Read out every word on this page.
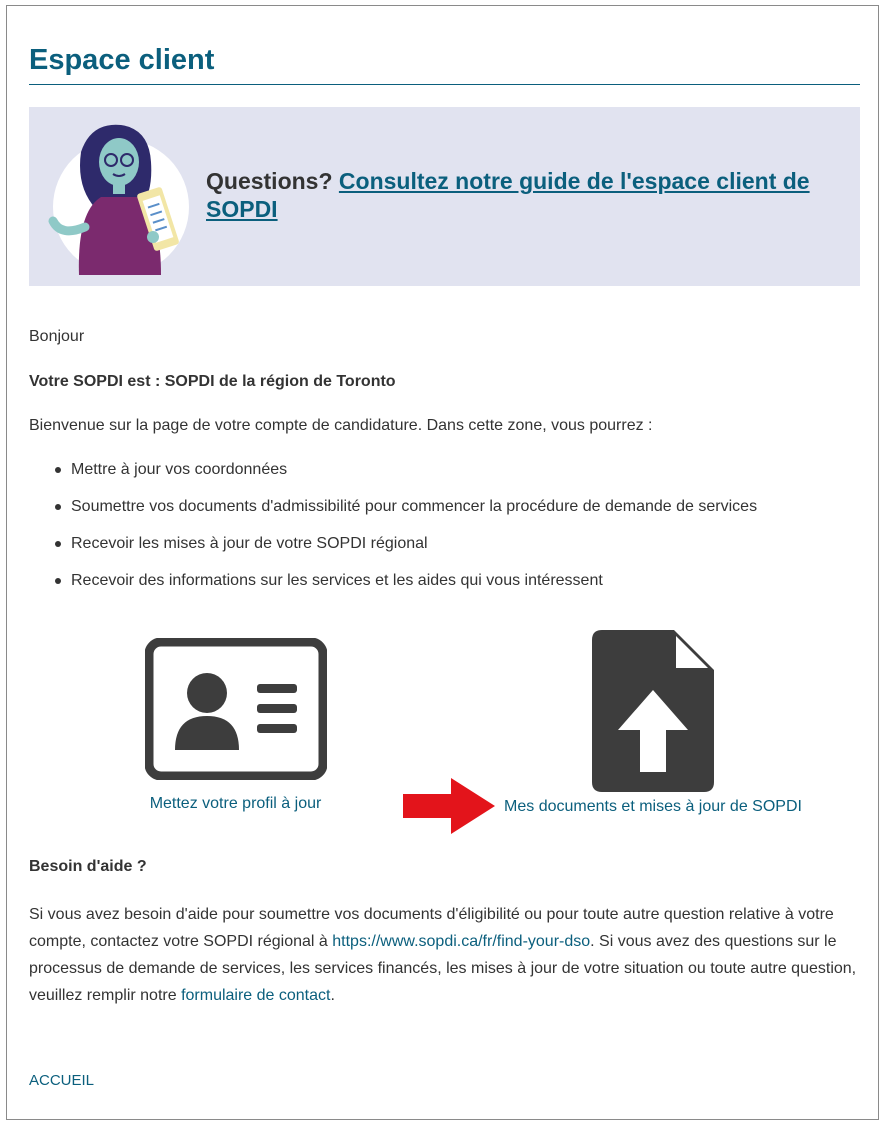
Espace client
Questions? Consultez notre guide de l'espace client de SOPDI

Bonjour

Votre SOPDI est : SOPDI de la région de Toronto

Bienvenue sur la page de votre compte de candidature. Dans cette zone, vous pourrez :

Mettre à jour vos coordonnées
Soumettre vos documents d'admissibilité pour commencer la procédure de demande de services
Recevoir les mises à jour de votre SOPDI régional
Recevoir des informations sur les services et les aides qui vous intéressent
Mettez votre profil à jour	Mes documents et mises à jour de SOPDI

Besoin d'aide ?

Si vous avez besoin d'aide pour soumettre vos documents d'éligibilité ou pour toute autre question relative à votre compte, contactez votre SOPDI régional à https://www.sopdi.ca/fr/find-your-dso. Si vous avez des questions sur le processus de demande de services, les services financés, les mises à jour de votre situation ou toute autre question, veuillez remplir notre formulaire de contact.

ACCUEIL
